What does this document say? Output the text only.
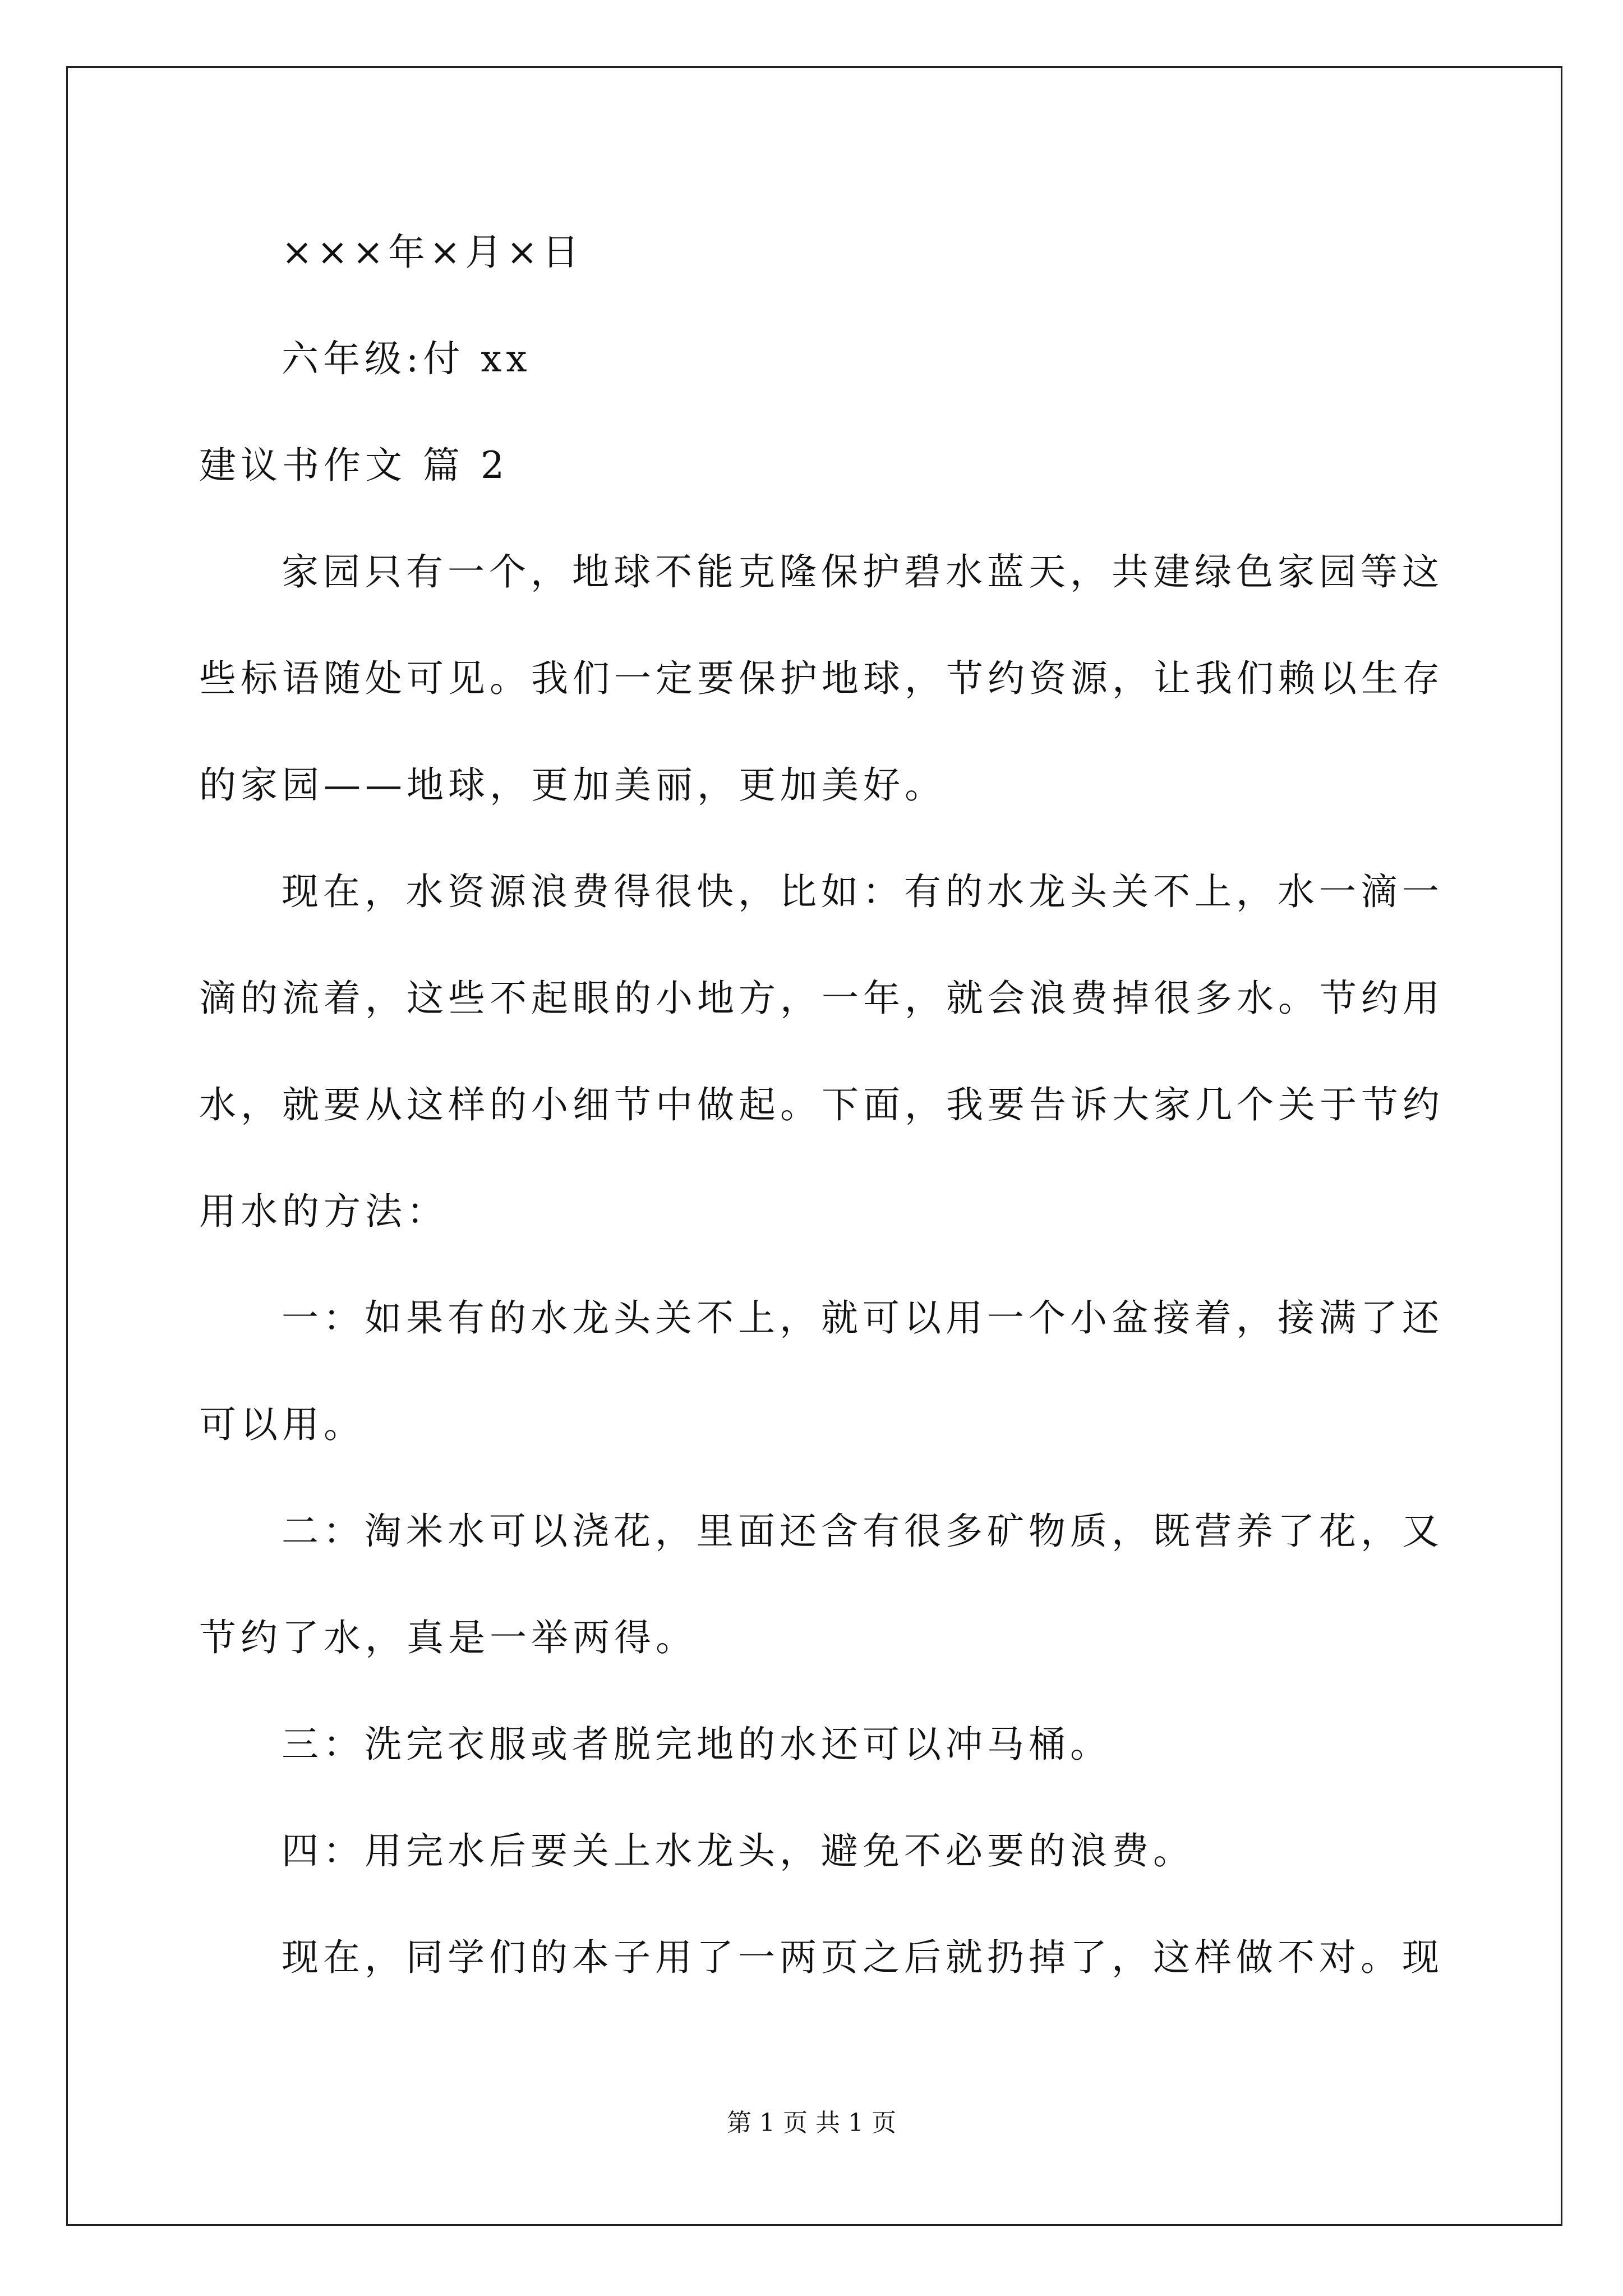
×××年×月×日
六年级:付 xx
建议书作文 篇 2
家园只有一个，地球不能克隆保护碧水蓝天，共建绿色家园等这
些标语随处可见。我们一定要保护地球，节约资源，让我们赖以生存
的家园——地球，更加美丽，更加美好。
现在，水资源浪费得很快，比如：有的水龙头关不上，水一滴一
滴的流着，这些不起眼的小地方，一年，就会浪费掉很多水。节约用
水，就要从这样的小细节中做起。下面，我要告诉大家几个关于节约
用水的方法：
一：如果有的水龙头关不上，就可以用一个小盆接着，接满了还
可以用。
二：淘米水可以浇花，里面还含有很多矿物质，既营养了花，又
节约了水，真是一举两得。
三：洗完衣服或者脱完地的水还可以冲马桶。
四：用完水后要关上水龙头，避免不必要的浪费。
现在，同学们的本子用了一两页之后就扔掉了，这样做不对。现
第 1 页 共 1 页
